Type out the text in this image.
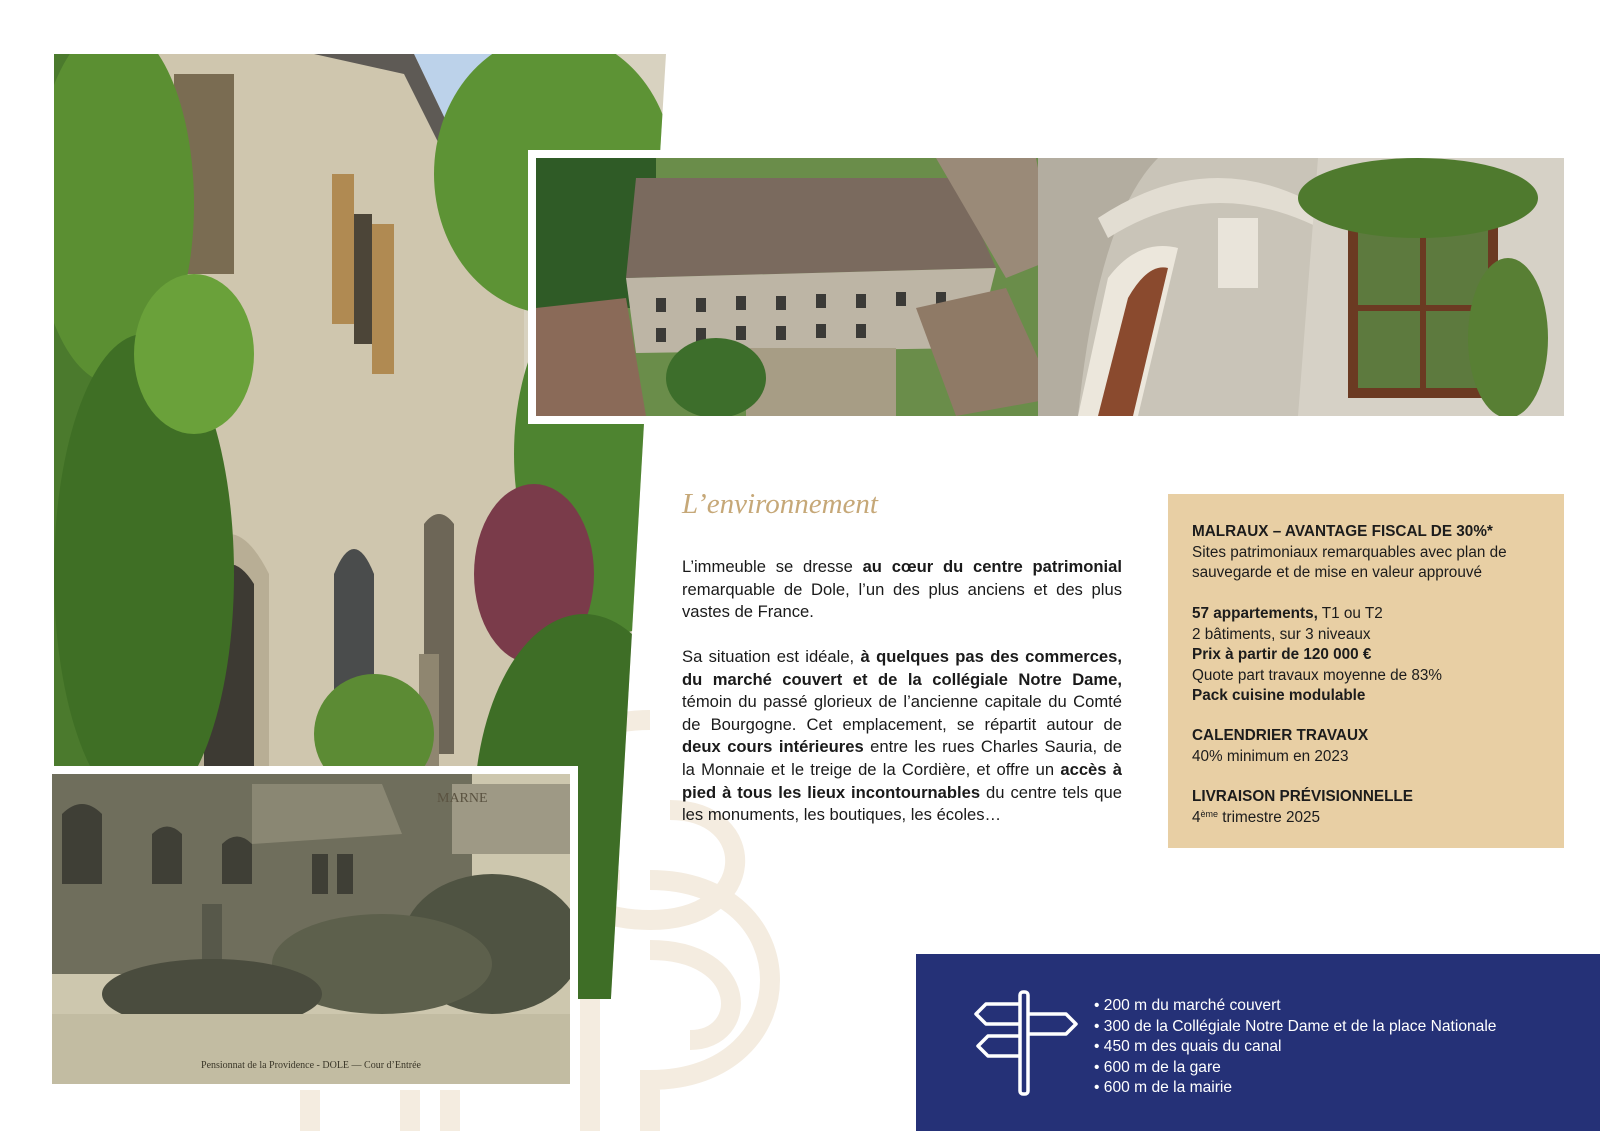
MARNE
Pensionnat de la Providence - DOLE — Cour d’Entrée
L’environnement
L’immeuble se dresse au cœur du centre patrimonial remarquable de Dole, l’un des plus anciens et des plus vastes de France.
Sa situation est idéale, à quelques pas des commerces, du marché couvert et de la collégiale Notre Dame, témoin du passé glorieux de l’ancienne capitale du Comté de Bourgogne. Cet emplacement, se répartit autour de deux cours intérieures entre les rues Charles Sauria, de la Monnaie et le treige de la Cordière, et offre un accès à pied à tous les lieux incontournables du centre tels que les monuments, les boutiques, les écoles…
MALRAUX – AVANTAGE FISCAL DE 30%*
Sites patrimoniaux remarquables avec plan de sauvegarde et de mise en valeur approuvé
57 appartements, T1 ou T2
2 bâtiments, sur 3 niveaux
Prix à partir de 120 000 €
Quote part travaux moyenne de 83%
Pack cuisine modulable
CALENDRIER TRAVAUX
40% minimum en 2023
LIVRAISON PRÉVISIONNELLE
4ème trimestre 2025
• 200 m du marché couvert
• 300 de la Collégiale Notre Dame et de la place Nationale
• 450 m des quais du canal
• 600 m de la gare
• 600 m de la mairie
